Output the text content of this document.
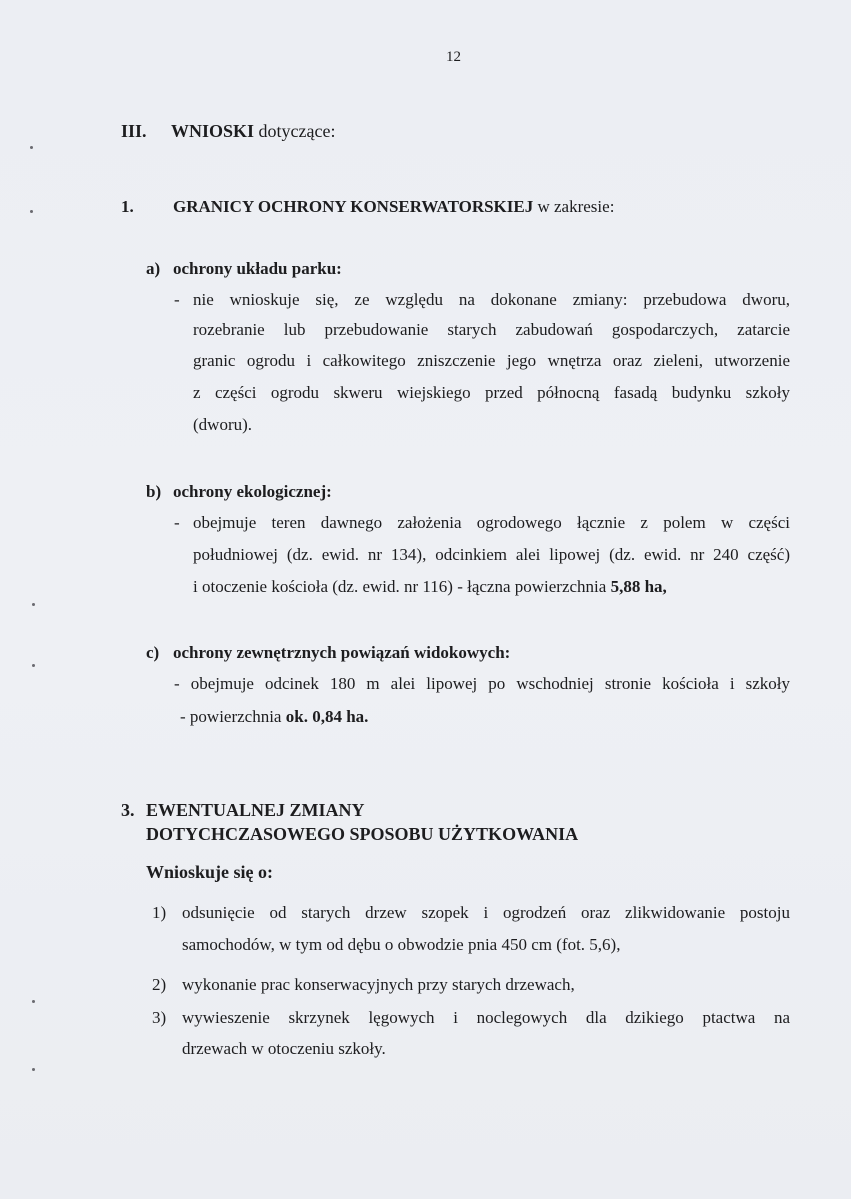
12
III. WNIOSKI dotyczące:
1. GRANICY OCHRONY KONSERWATORSKIEJ w zakresie:
a) ochrony układu parku:
- nie wnioskuje się, ze względu na dokonane zmiany: przebudowa dworu,
rozebranie lub przebudowanie starych zabudowań gospodarczych, zatarcie
granic ogrodu i całkowitego zniszczenie jego wnętrza oraz zieleni, utworzenie
z części ogrodu skweru wiejskiego przed północną fasadą budynku szkoły
(dworu).
b) ochrony ekologicznej:
- obejmuje teren dawnego założenia ogrodowego łącznie z polem w części
południowej (dz. ewid. nr 134), odcinkiem alei lipowej (dz. ewid. nr 240 część)
i otoczenie kościoła (dz. ewid. nr 116) - łączna powierzchnia 5,88 ha,
c) ochrony zewnętrznych powiązań widokowych:
- obejmuje odcinek 180 m alei lipowej po wschodniej stronie kościoła i szkoły
- powierzchnia ok. 0,84 ha.
3. EWENTUALNEJ ZMIANY
DOTYCHCZASOWEGO SPOSOBU UŻYTKOWANIA
Wnioskuje się o:
1) odsunięcie od starych drzew szopek i ogrodzeń oraz zlikwidowanie postoju
samochodów, w tym od dębu o obwodzie pnia 450 cm (fot. 5,6),
2) wykonanie prac konserwacyjnych przy starych drzewach,
3) wywieszenie skrzynek lęgowych i noclegowych dla dzikiego ptactwa na
drzewach w otoczeniu szkoły.
